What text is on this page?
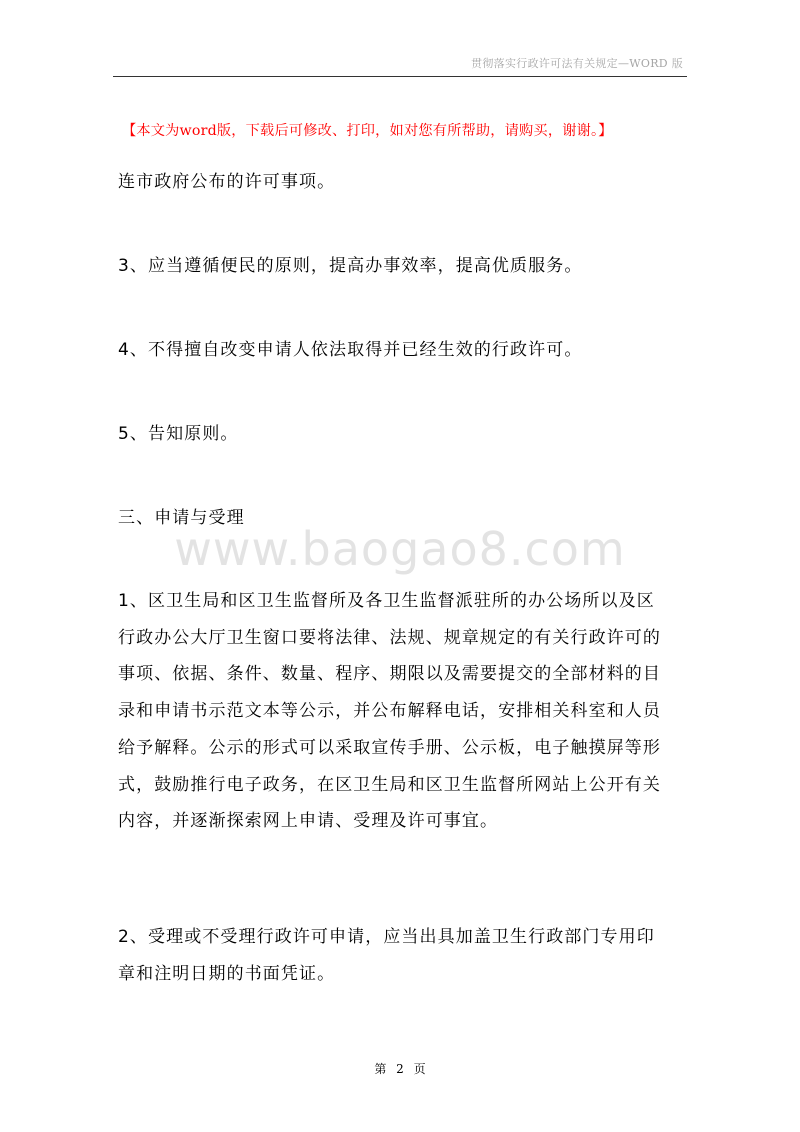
贯彻落实行政许可法有关规定—WORD 版
【本文为word版，下载后可修改、打印，如对您有所帮助，请购买，谢谢。】
连市政府公布的许可事项。
3、应当遵循便民的原则，提高办事效率，提高优质服务。
4、不得擅自改变申请人依法取得并已经生效的行政许可。
5、告知原则。
三、申请与受理
www.baogao8.com
1、区卫生局和区卫生监督所及各卫生监督派驻所的办公场所以及区
行政办公大厅卫生窗口要将法律、法规、规章规定的有关行政许可的
事项、依据、条件、数量、程序、期限以及需要提交的全部材料的目
录和申请书示范文本等公示，并公布解释电话，安排相关科室和人员
给予解释。公示的形式可以采取宣传手册、公示板，电子触摸屏等形
式，鼓励推行电子政务，在区卫生局和区卫生监督所网站上公开有关
内容，并逐渐探索网上申请、受理及许可事宜。
2、受理或不受理行政许可申请，应当出具加盖卫生行政部门专用印
章和注明日期的书面凭证。
第 2 页
